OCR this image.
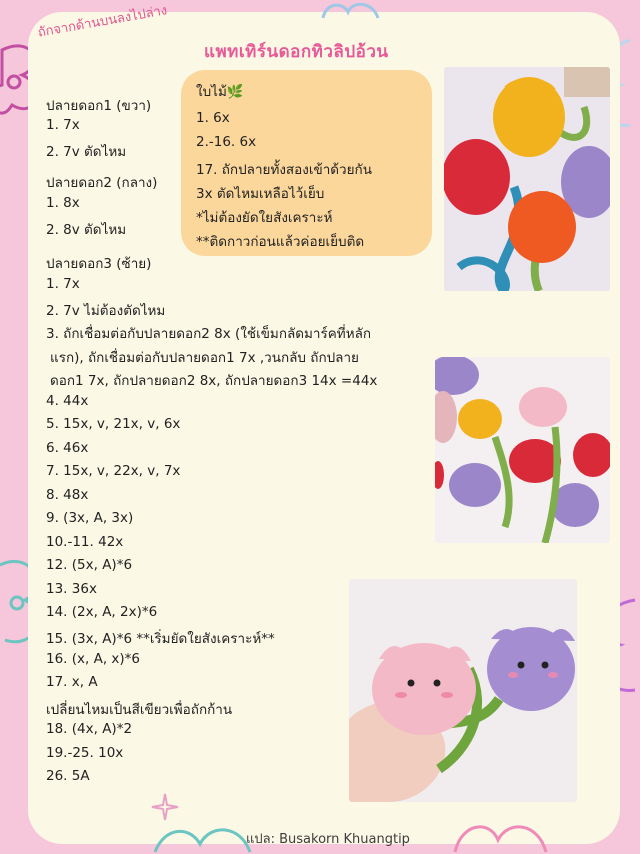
ถักจากด้านบนลงไปล่าง
แพทเทิร์นดอกทิวลิปอ้วน
ปลายดอก1 (ขวา)
1. 7x
2. 7v ตัดไหม
ปลายดอก2 (กลาง)
1. 8x
2. 8v ตัดไหม
ใบไม้🌿
1. 6x
2.-16. 6x
17. ถักปลายทั้งสองเข้าด้วยกัน
3x ตัดไหมเหลือไว้เย็บ
*ไม่ต้องยัดใยสังเคราะห์
**ติดกาวก่อนแล้วค่อยเย็บติด
ปลายดอก3 (ซ้าย)
1. 7x
2. 7v ไม่ต้องตัดไหม
3. ถักเชื่อมต่อกับปลายดอก2 8x (ใช้เข็มกลัดมาร์คที่หลัก
แรก), ถักเชื่อมต่อกับปลายดอก1 7x ,วนกลับ ถักปลาย
ดอก1 7x, ถักปลายดอก2 8x, ถักปลายดอก3 14x =44x
4. 44x
5. 15x, v, 21x, v, 6x
6. 46x
7. 15x, v, 22x, v, 7x
8. 48x
9. (3x, A, 3x)
10.-11. 42x
12. (5x, A)*6
13. 36x
14. (2x, A, 2x)*6
15. (3x, A)*6 **เริ่มยัดใยสังเคราะห์**
16. (x, A, x)*6
17. x, A
เปลี่ยนไหมเป็นสีเขียวเพื่อถักก้าน
18. (4x, A)*2
19.-25. 10x
26. 5A
แปล: Busakorn Khuangtip
